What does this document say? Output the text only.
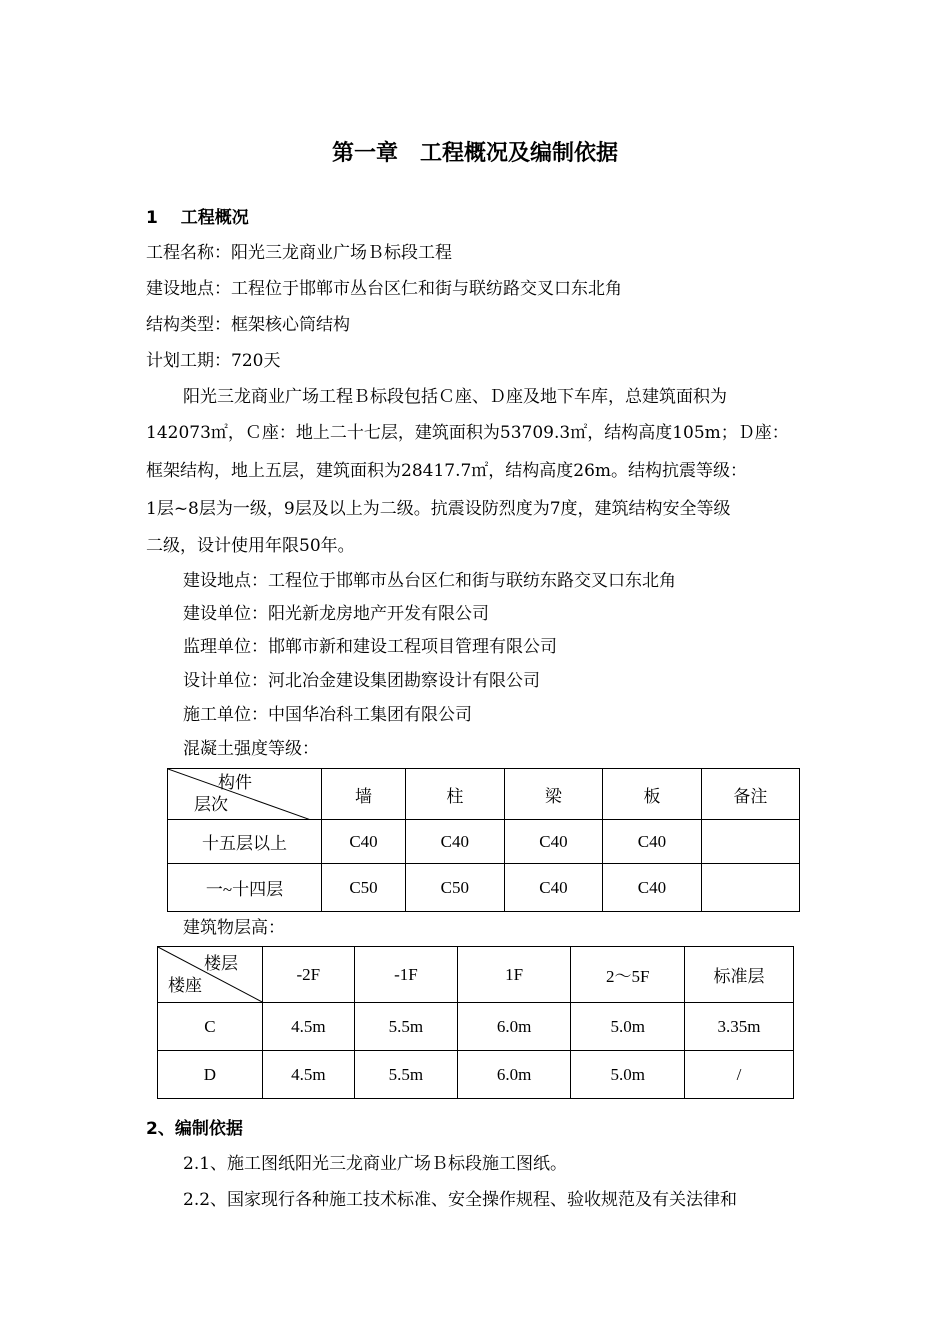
第一章　工程概况及编制依据
1　 工程概况
工程名称：阳光三龙商业广场Ｂ标段工程
建设地点：工程位于邯郸市丛台区仁和街与联纺路交叉口东北角
结构类型：框架核心筒结构
计划工期：720天
阳光三龙商业广场工程Ｂ标段包括Ｃ座、Ｄ座及地下车库，总建筑面积为
142073㎡，Ｃ座：地上二十七层，建筑面积为53709.3㎡，结构高度105m；Ｄ座：
框架结构，地上五层，建筑面积为28417.7㎡，结构高度26m。结构抗震等级：
1层~8层为一级，9层及以上为二级。抗震设防烈度为7度，建筑结构安全等级
二级，设计使用年限50年。
建设地点：工程位于邯郸市丛台区仁和街与联纺东路交叉口东北角
建设单位：阳光新龙房地产开发有限公司
监理单位：邯郸市新和建设工程项目管理有限公司
设计单位：河北冶金建设集团勘察设计有限公司
施工单位：中国华冶科工集团有限公司
混凝土强度等级：
构件
层次	墙	柱	梁	板	备注
十五层以上	C40	C40	C40	C40	
一~十四层	C50	C50	C40	C40	
建筑物层高：
楼层
楼座	-2F	-1F	1F	2～5F	标准层
C	4.5m	5.5m	6.0m	5.0m	3.35m
D	4.5m	5.5m	6.0m	5.0m	/
2、编制依据
2.1、施工图纸阳光三龙商业广场Ｂ标段施工图纸。
2.2、国家现行各种施工技术标准、安全操作规程、验收规范及有关法律和
